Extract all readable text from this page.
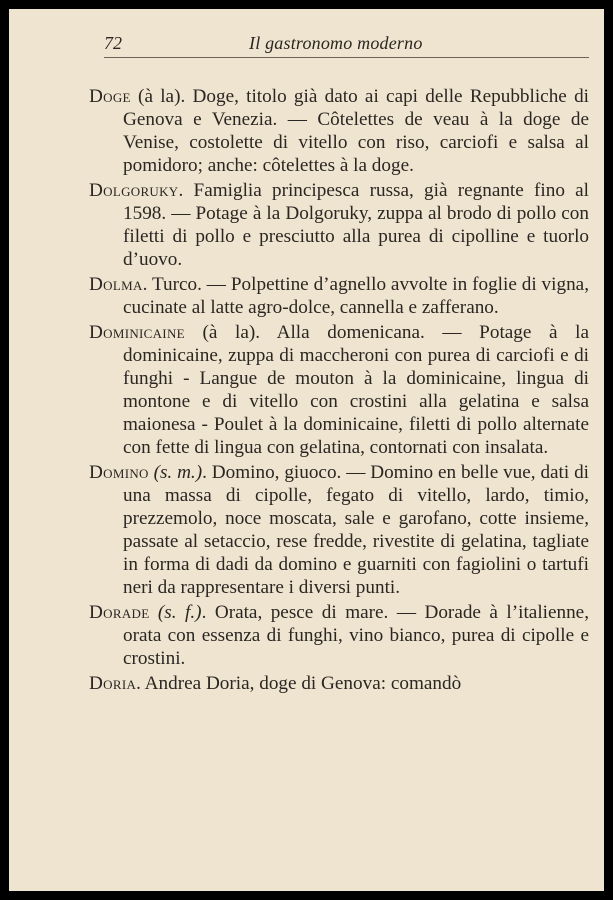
72	Il gastronomo moderno

Doge (à la). Doge, titolo già dato ai capi delle Repubbliche di Genova e Venezia. — Côtelettes de veau à la doge de Venise, costolette di vitello con riso, carciofi e salsa al pomidoro; anche: côtelettes à la doge.

Dolgoruky. Famiglia principesca russa, già regnante fino al 1598. — Potage à la Dolgoruky, zuppa al brodo di pollo con filetti di pollo e presciutto alla purea di cipolline e tuorlo d’uovo.

Dolma. Turco. — Polpettine d’agnello avvolte in foglie di vigna, cucinate al latte agro-dolce, cannella e zafferano.

Dominicaine (à la). Alla domenicana. — Potage à la dominicaine, zuppa di maccheroni con purea di carciofi e di funghi - Langue de mouton à la dominicaine, lingua di montone e di vitello con crostini alla gelatina e salsa maionesa - Poulet à la dominicaine, filetti di pollo alternate con fette di lingua con gelatina, contornati con insalata.

Domino (s. m.). Domino, giuoco. — Domino en belle vue, dati di una massa di cipolle, fegato di vitello, lardo, timio, prezzemolo, noce moscata, sale e garofano, cotte insieme, passate al setaccio, rese fredde, rivestite di gelatina, tagliate in forma di dadi da domino e guarniti con fagiolini o tartufi neri da rappresentare i diversi punti.

Dorade (s. f.). Orata, pesce di mare. — Dorade à l’italienne, orata con essenza di funghi, vino bianco, purea di cipolle e crostini.

Doria. Andrea Doria, doge di Genova: comandò
